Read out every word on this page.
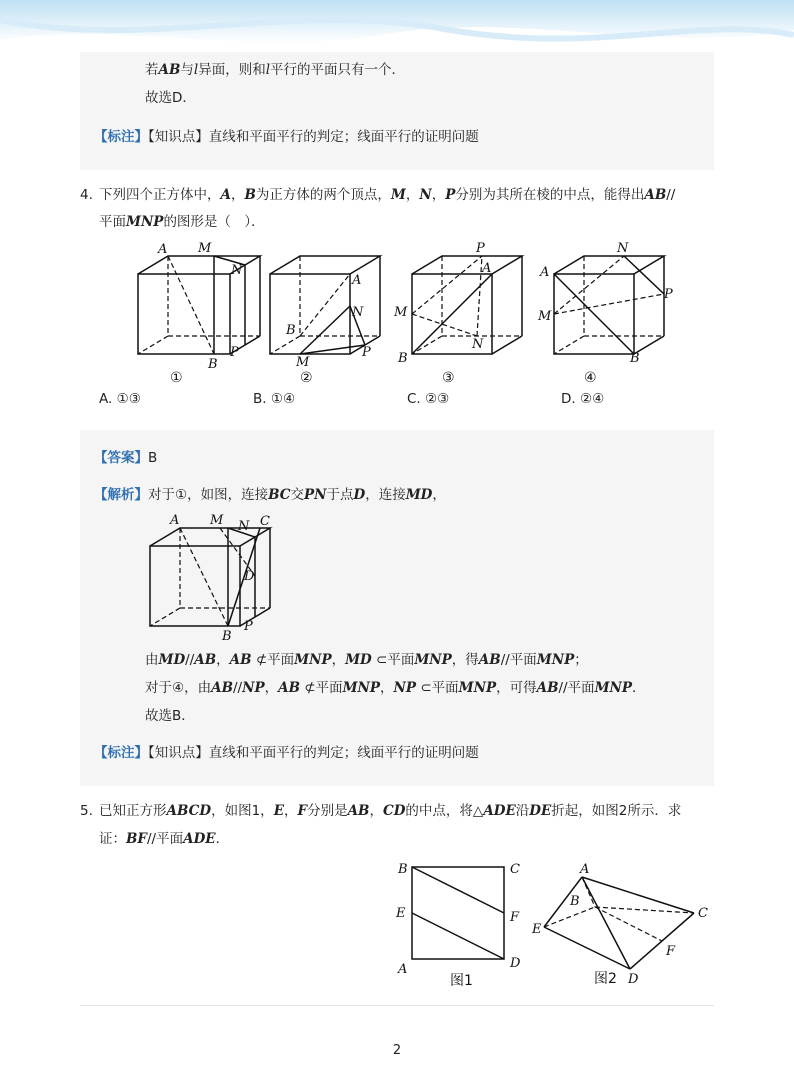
若AB与l异面，则和l平行的平面只有一个．
故选D．
【标注】【知识点】直线和平面平行的判定；线面平行的证明问题
4. 下列四个正方体中，A，B为正方体的两个顶点，M，N，P分别为其所在棱的中点，能得出AB//
平面MNP的图形是（　）．
A M
N
P
B
①
A
N
P
B
M
②
P
A
M
N
B
③
A
N
P
M
B
④
A. ①③	B. ①④	C. ②③	D. ②④
【答案】B
【解析】对于①，如图，连接BC交PN于点D，连接MD，
A M N C
D
P
B
由MD//AB，AB ⊄平面MNP，MD ⊂平面MNP，得AB//平面MNP；
对于④，由AB//NP，AB ⊄平面MNP，NP ⊂平面MNP，可得AB//平面MNP．
故选B．
【标注】【知识点】直线和平面平行的判定；线面平行的证明问题
5. 已知正方形ABCD，如图1，E，F分别是AB，CD的中点，将△ADE沿DE折起，如图2所示．求
证：BF//平面ADE．
B	C
E	F
A	D
图1
A
B
E
C
F
D
图2
2
